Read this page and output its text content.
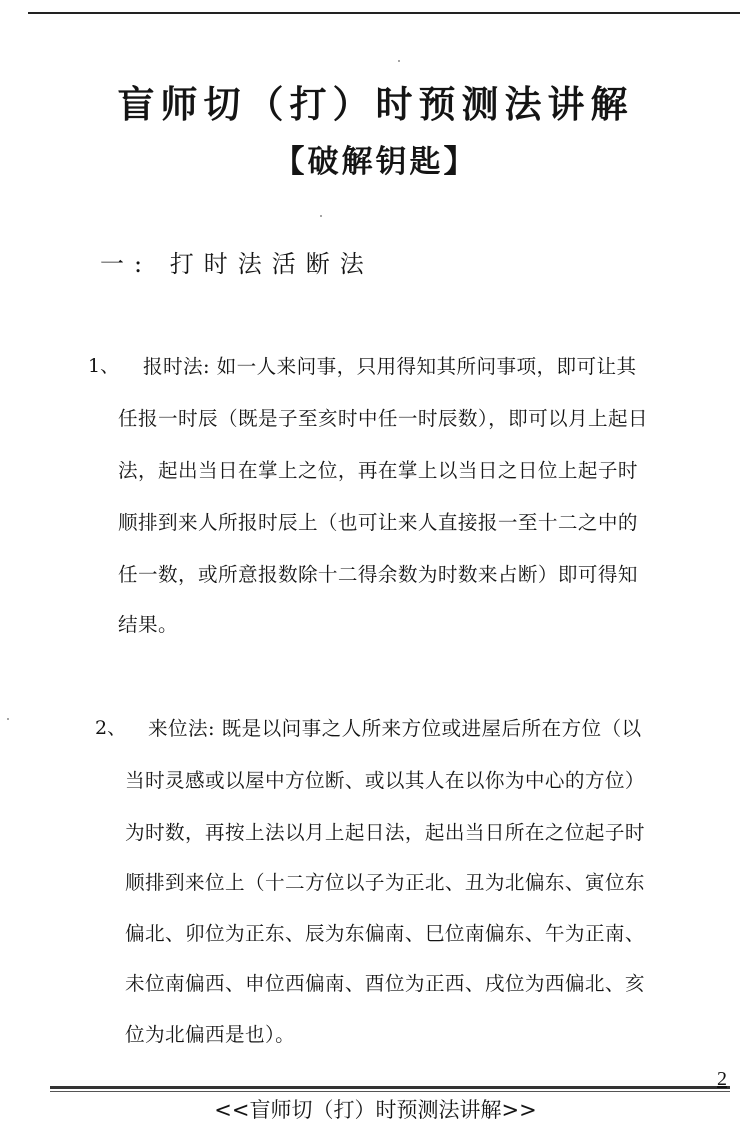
盲师切（打）时预测法讲解
【破解钥匙】
一: 打时法活断法
1、 报时法: 如一人来问事，只用得知其所问事项，即可让其
任报一时辰（既是子至亥时中任一时辰数），即可以月上起日
法，起出当日在掌上之位，再在掌上以当日之日位上起子时
顺排到来人所报时辰上（也可让来人直接报一至十二之中的
任一数，或所意报数除十二得余数为时数来占断）即可得知
结果。
2、 来位法: 既是以问事之人所来方位或进屋后所在方位（以
当时灵感或以屋中方位断、或以其人在以你为中心的方位）
为时数，再按上法以月上起日法，起出当日所在之位起子时
顺排到来位上（十二方位以子为正北、丑为北偏东、寅位东
偏北、卯位为正东、辰为东偏南、巳位南偏东、午为正南、
未位南偏西、申位西偏南、酉位为正西、戌位为西偏北、亥
位为北偏西是也）。
2
<<盲师切（打）时预测法讲解>>
